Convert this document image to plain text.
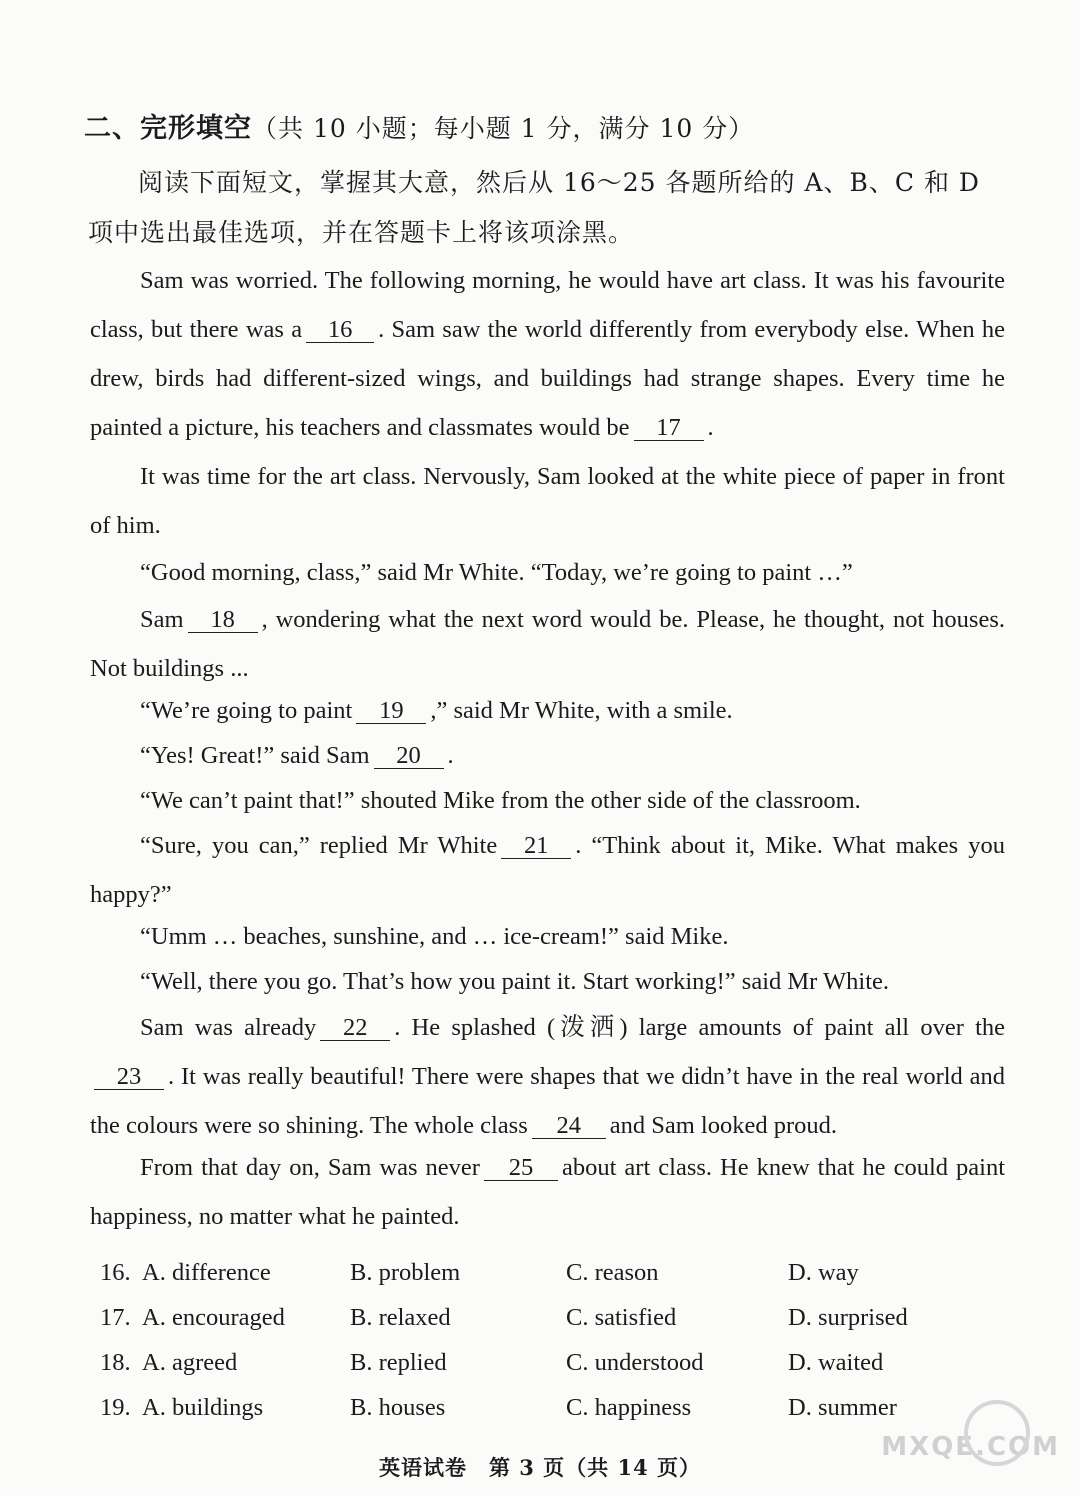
二、完形填空（共 10 小题；每小题 1 分，满分 10 分）
阅读下面短文，掌握其大意，然后从 16～25 各题所给的 A、B、C 和 D 项中选出最佳选项，并在答题卡上将该项涂黑。
Sam was worried. The following morning, he would have art class. It was his favourite class, but there was a 16 . Sam saw the world differently from everybody else. When he drew, birds had different-sized wings, and buildings had strange shapes. Every time he painted a picture, his teachers and classmates would be 17 .
It was time for the art class. Nervously, Sam looked at the white piece of paper in front of him.
“Good morning, class,” said Mr White. “Today, we’re going to paint …”
Sam 18 , wondering what the next word would be. Please, he thought, not houses. Not buildings ...
“We’re going to paint 19 ,” said Mr White, with a smile.
“Yes! Great!” said Sam 20 .
“We can’t paint that!” shouted Mike from the other side of the classroom.
“Sure, you can,” replied Mr White 21 . “Think about it, Mike. What makes you happy?”
“Umm … beaches, sunshine, and … ice-cream!” said Mike.
“Well, there you go. That’s how you paint it. Start working!” said Mr White.
Sam was already 22 . He splashed (泼洒) large amounts of paint all over the23 . It was really beautiful! There were shapes that we didn’t have in the real world and the colours were so shining. The whole class 24 and Sam looked proud.
From that day on, Sam was never 25 about art class. He knew that he could paint happiness, no matter what he painted.
16. A. difference	B. problem	C. reason	D. way
17. A. encouraged	B. relaxed	C. satisfied	D. surprised
18. A. agreed	B. replied	C. understood	D. waited
19. A. buildings	B. houses	C. happiness	D. summer
英语试卷　第 3 页（共 14 页）
MXQE.COM
